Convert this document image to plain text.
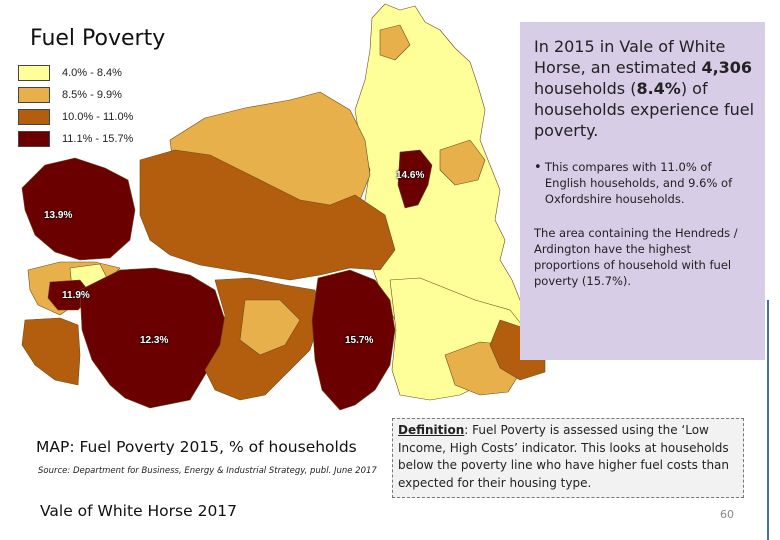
14.6%
13.9%
11.9%
12.3%	15.7%
Fuel Poverty
4.0% - 8.4%
8.5% - 9.9%
10.0% - 11.0%
11.1% - 15.7%

In 2015 in Vale of White Horse, an estimated 4,306 households (8.4%) of households experience fuel poverty.

• This compares with 11.0% of English households, and 9.6% of Oxfordshire households.
The area containing the Hendreds / Ardington have the highest proportions of household with fuel poverty (15.7%).
MAP: Fuel Poverty 2015, % of households
Source: Department for Business, Energy & Industrial Strategy, publ. June 2017
Vale of White Horse 2017
Definition: Fuel Poverty is assessed using the ‘Low Income, High Costs’ indicator. This looks at households below the poverty line who have higher fuel costs than expected for their housing type.
60
